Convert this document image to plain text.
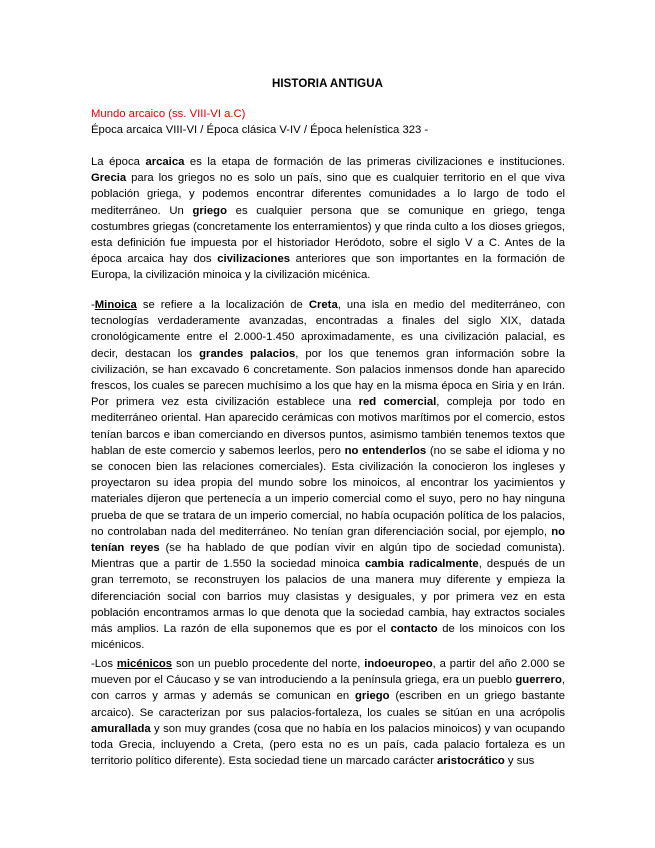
HISTORIA ANTIGUA
Mundo arcaico (ss. VIII-VI a.C)
Época arcaica VIII-VI / Época clásica V-IV / Época helenística 323 -

La época arcaica es la etapa de formación de las primeras civilizaciones e instituciones. Grecia para los griegos no es solo un país, sino que es cualquier territorio en el que viva población griega, y podemos encontrar diferentes comunidades a lo largo de todo el mediterráneo. Un griego es cualquier persona que se comunique en griego, tenga costumbres griegas (concretamente los enterramientos) y que rinda culto a los dioses griegos, esta definición fue impuesta por el historiador Heródoto, sobre el siglo V a C. Antes de la época arcaica hay dos civilizaciones anteriores que son importantes en la formación de Europa, la civilización minoica y la civilización micénica.

-Minoica se refiere a la localización de Creta, una isla en medio del mediterráneo, con tecnologías verdaderamente avanzadas, encontradas a finales del siglo XIX, datada cronológicamente entre el 2.000-1.450 aproximadamente, es una civilización palacial, es decir, destacan los grandes palacios, por los que tenemos gran información sobre la civilización, se han excavado 6 concretamente. Son palacios inmensos donde han aparecido frescos, los cuales se parecen muchísimo a los que hay en la misma época en Siria y en Irán. Por primera vez esta civilización establece una red comercial, compleja por todo en mediterráneo oriental. Han aparecido cerámicas con motivos marítimos por el comercio, estos tenían barcos e iban comerciando en diversos puntos, asimismo también tenemos textos que hablan de este comercio y sabemos leerlos, pero no entenderlos (no se sabe el idioma y no se conocen bien las relaciones comerciales). Esta civilización la conocieron los ingleses y proyectaron su idea propia del mundo sobre los minoicos, al encontrar los yacimientos y materiales dijeron que pertenecía a un imperio comercial como el suyo, pero no hay ninguna prueba de que se tratara de un imperio comercial, no había ocupación política de los palacios, no controlaban nada del mediterráneo. No tenían gran diferenciación social, por ejemplo, no tenían reyes (se ha hablado de que podían vivir en algún tipo de sociedad comunista). Mientras que a partir de 1.550 la sociedad minoica cambia radicalmente, después de un gran terremoto, se reconstruyen los palacios de una manera muy diferente y empieza la diferenciación social con barrios muy clasistas y desiguales, y por primera vez en esta población encontramos armas lo que denota que la sociedad cambia, hay extractos sociales más amplios. La razón de ella suponemos que es por el contacto de los minoicos con los micénicos.

-Los micénicos son un pueblo procedente del norte, indoeuropeo, a partir del año 2.000 se mueven por el Cáucaso y se van introduciendo a la península griega, era un pueblo guerrero, con carros y armas y además se comunican en griego (escriben en un griego bastante arcaico). Se caracterizan por sus palacios-fortaleza, los cuales se sitúan en una acrópolis amurallada y son muy grandes (cosa que no había en los palacios minoicos) y van ocupando toda Grecia, incluyendo a Creta, (pero esta no es un país, cada palacio fortaleza es un territorio político diferente). Esta sociedad tiene un marcado carácter aristocrático y sus
